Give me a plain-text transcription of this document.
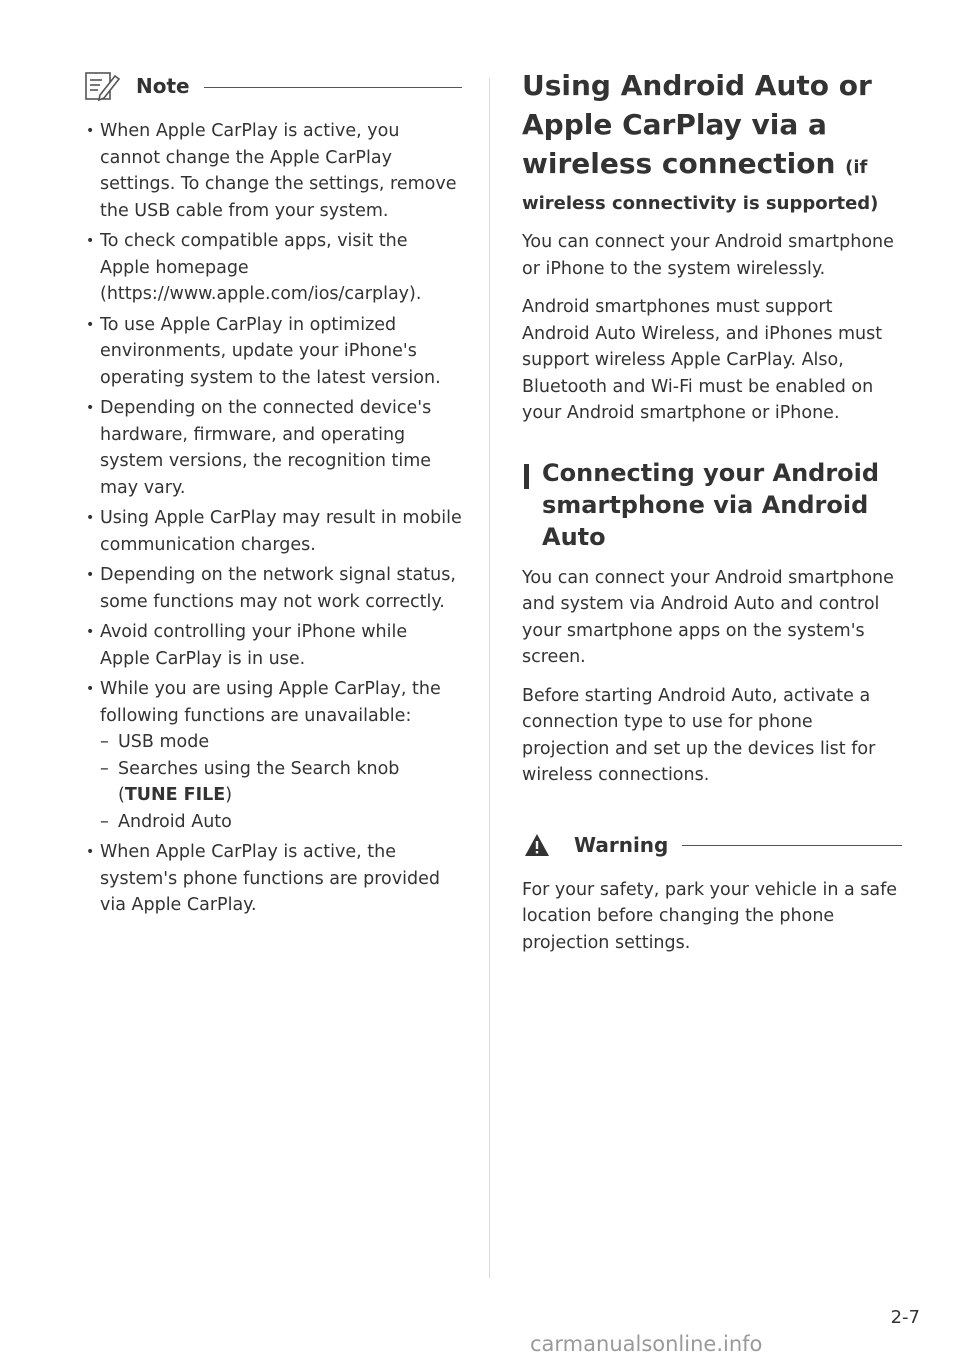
Note
• When Apple CarPlay is active, you cannot change the Apple CarPlay settings. To change the settings, remove the USB cable from your system.
• To check compatible apps, visit the Apple homepage (https://www.apple.com/ios/carplay).
• To use Apple CarPlay in optimized environments, update your iPhone's operating system to the latest version.
• Depending on the connected device's hardware, firmware, and operating system versions, the recognition time may vary.
• Using Apple CarPlay may result in mobile communication charges.
• Depending on the network signal status, some functions may not work correctly.
• Avoid controlling your iPhone while Apple CarPlay is in use.
• While you are using Apple CarPlay, the following functions are unavailable:
– USB mode
– Searches using the Search knob (TUNE FILE)
– Android Auto
• When Apple CarPlay is active, the system's phone functions are provided via Apple CarPlay.
Using Android Auto or Apple CarPlay via a wireless connection (if
wireless connectivity is supported)

You can connect your Android smartphone or iPhone to the system wirelessly.

Android smartphones must support Android Auto Wireless, and iPhones must support wireless Apple CarPlay. Also, Bluetooth and Wi-Fi must be enabled on your Android smartphone or iPhone.

Connecting your Android smartphone via Android Auto

You can connect your Android smartphone and system via Android Auto and control your smartphone apps on the system's screen.

Before starting Android Auto, activate a connection type to use for phone projection and set up the devices list for wireless connections.

Warning

For your safety, park your vehicle in a safe location before changing the phone projection settings.

2-7
carmanualsonline.info
